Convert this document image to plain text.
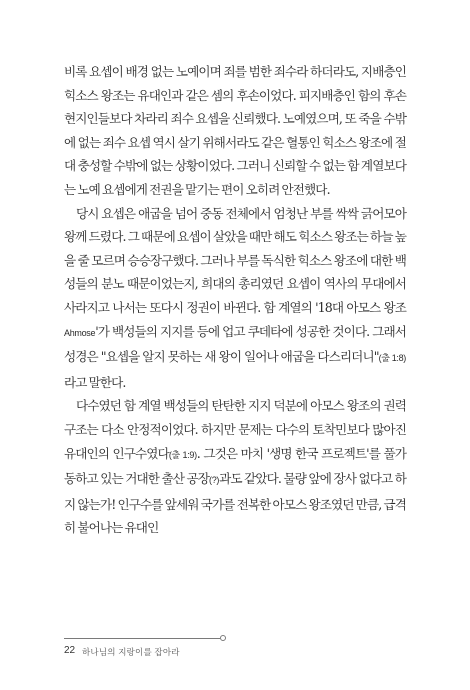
비록 요셉이 배경 없는 노예이며 죄를 범한 죄수라 하더라도, 지배층인 힉소스 왕조는 유대인과 같은 셈의 후손이었다. 피지배층인 함의 후손 현지인들보다 차라리 죄수 요셉을 신뢰했다. 노예였으며, 또 죽을 수밖에 없는 죄수 요셉 역시 살기 위해서라도 같은 혈통인 힉소스 왕조에 절대 충성할 수밖에 없는 상황이었다. 그러니 신뢰할 수 없는 함 계열보다는 노예 요셉에게 전권을 맡기는 편이 오히려 안전했다.

당시 요셉은 애굽을 넘어 중동 전체에서 엄청난 부를 싹싹 긁어모아 왕께 드렸다. 그 때문에 요셉이 살았을 때만 해도 힉소스 왕조는 하늘 높을 줄 모르며 승승장구했다. 그러나 부를 독식한 힉소스 왕조에 대한 백성들의 분노 때문이었는지, 희대의 총리였던 요셉이 역사의 무대에서 사라지고 나서는 또다시 정권이 바뀐다. 함 계열의 '18대 아모스 왕조Ahmose'가 백성들의 지지를 등에 업고 쿠데타에 성공한 것이다. 그래서 성경은 "요셉을 알지 못하는 새 왕이 일어나 애굽을 다스리더니"(출 1:8)라고 말한다.

다수였던 함 계열 백성들의 탄탄한 지지 덕분에 아모스 왕조의 권력 구조는 다소 안정적이었다. 하지만 문제는 다수의 토착민보다 많아진 유대인의 인구수였다(출 1:9). 그것은 마치 '생명 한국 프로젝트'를 풀가동하고 있는 거대한 출산 공장(?)과도 같았다. 물량 앞에 장사 없다고 하지 않는가! 인구수를 앞세워 국가를 전복한 아모스 왕조였던 만큼, 급격히 불어나는 유대인

22 하나님의 지랑이를 잡아라
